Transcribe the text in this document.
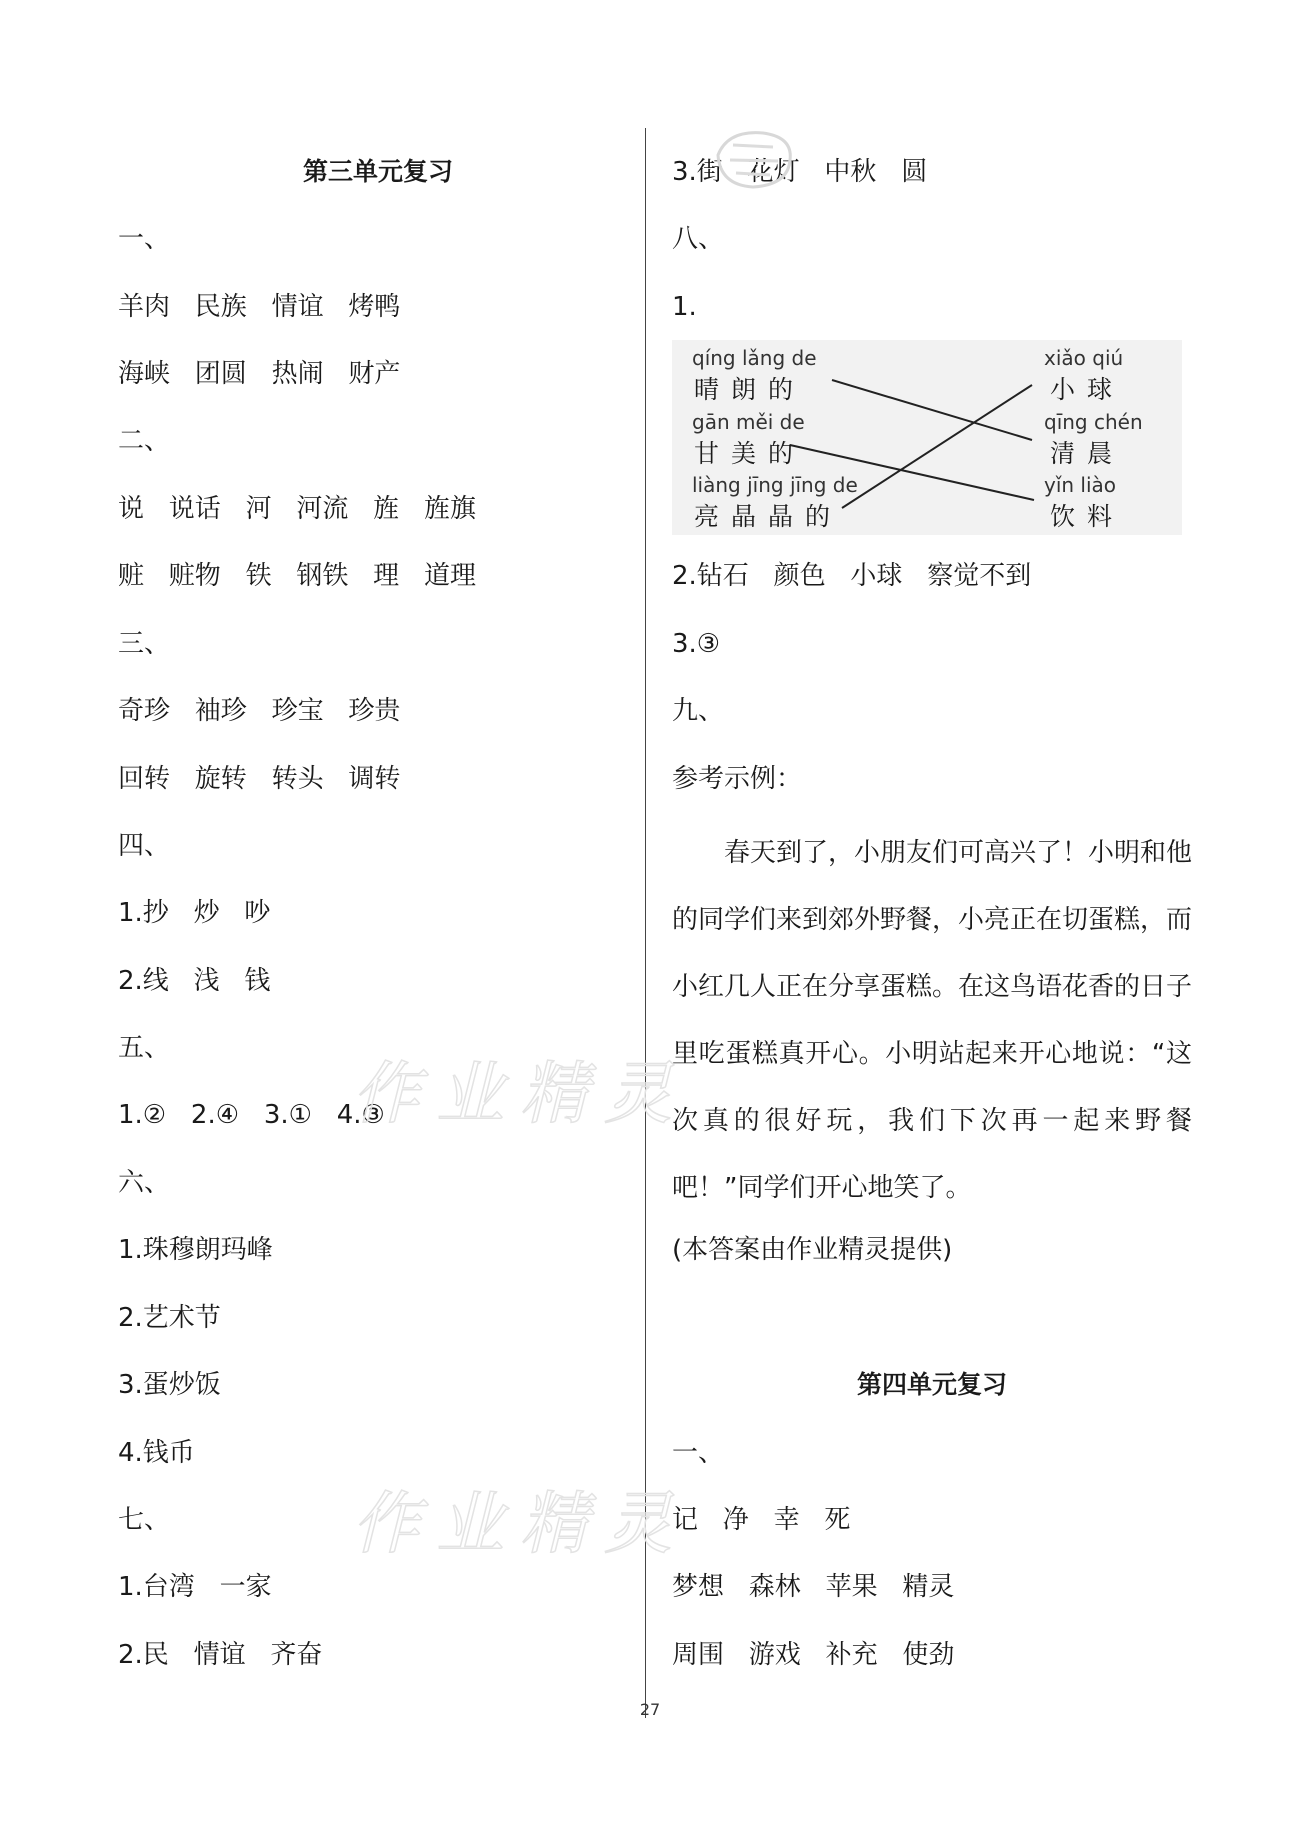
第三单元复习
一、
羊肉   民族   情谊   烤鸭
海峡   团圆   热闹   财产
二、
说   说话   河   河流   旌   旌旗
赃   赃物   铁   钢铁   理   道理
三、
奇珍   袖珍   珍宝   珍贵
回转   旋转   转头   调转
四、
1.抄   炒   吵
2.线   浅   钱
五、
1.②   2.④   3.①   4.③
六、
1.珠穆朗玛峰
2.艺术节
3.蛋炒饭
4.钱币
七、
1.台湾   一家
2.民   情谊   齐奋
qíng lǎng de
晴朗的
gān měi de
甘美的
liàng jīng jīng de
亮晶晶的
xiǎo qiú
小球
qīng chén
清晨
yǐn liào
饮料

春天到了，小朋友们可高兴了！小明和他的同学们来到郊外野餐，小亮正在切蛋糕，而小红几人正在分享蛋糕。在这鸟语花香的日子里吃蛋糕真开心。小明站起来开心地说：“这次真的很好玩，我们下次再一起来野餐吧！”同学们开心地笑了。

3.街   花灯   中秋   圆
八、
1.
2.钻石   颜色   小球   察觉不到
3.③
九、
参考示例：
(本答案由作业精灵提供)
第四单元复习
一、
记   净   幸   死
梦想   森林   苹果   精灵
周围   游戏   补充   使劲
作业精灵
作业精灵
27
